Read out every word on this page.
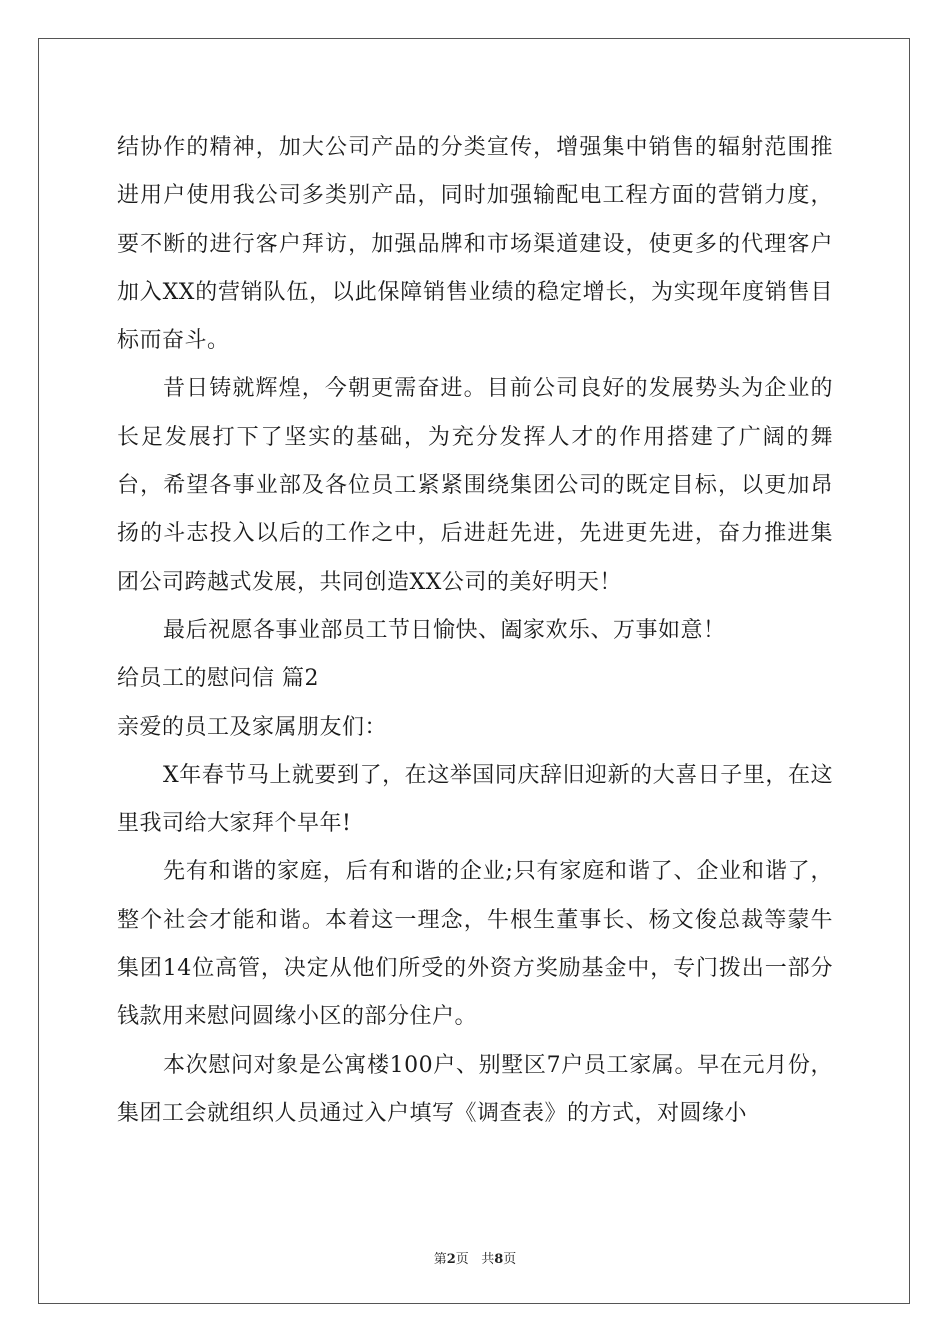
结协作的精神，加大公司产品的分类宣传，增强集中销售的辐射范围推进用户使用我公司多类别产品，同时加强输配电工程方面的营销力度，要不断的进行客户拜访，加强品牌和市场渠道建设，使更多的代理客户加入XX的营销队伍，以此保障销售业绩的稳定增长，为实现年度销售目标而奋斗。

昔日铸就辉煌，今朝更需奋进。目前公司良好的发展势头为企业的长足发展打下了坚实的基础，为充分发挥人才的作用搭建了广阔的舞台，希望各事业部及各位员工紧紧围绕集团公司的既定目标，以更加昂扬的斗志投入以后的工作之中，后进赶先进，先进更先进，奋力推进集团公司跨越式发展，共同创造XX公司的美好明天！

最后祝愿各事业部员工节日愉快、阖家欢乐、万事如意！

给员工的慰问信 篇2

亲爱的员工及家属朋友们：

X年春节马上就要到了，在这举国同庆辞旧迎新的大喜日子里，在这里我司给大家拜个早年!

先有和谐的家庭，后有和谐的企业;只有家庭和谐了、企业和谐了，整个社会才能和谐。本着这一理念，牛根生董事长、杨文俊总裁等蒙牛集团14位高管，决定从他们所受的外资方奖励基金中，专门拨出一部分钱款用来慰问圆缘小区的部分住户。

本次慰问对象是公寓楼100户、别墅区7户员工家属。早在元月份，集团工会就组织人员通过入户填写《调查表》的方式，对圆缘小

第2页 共8页
